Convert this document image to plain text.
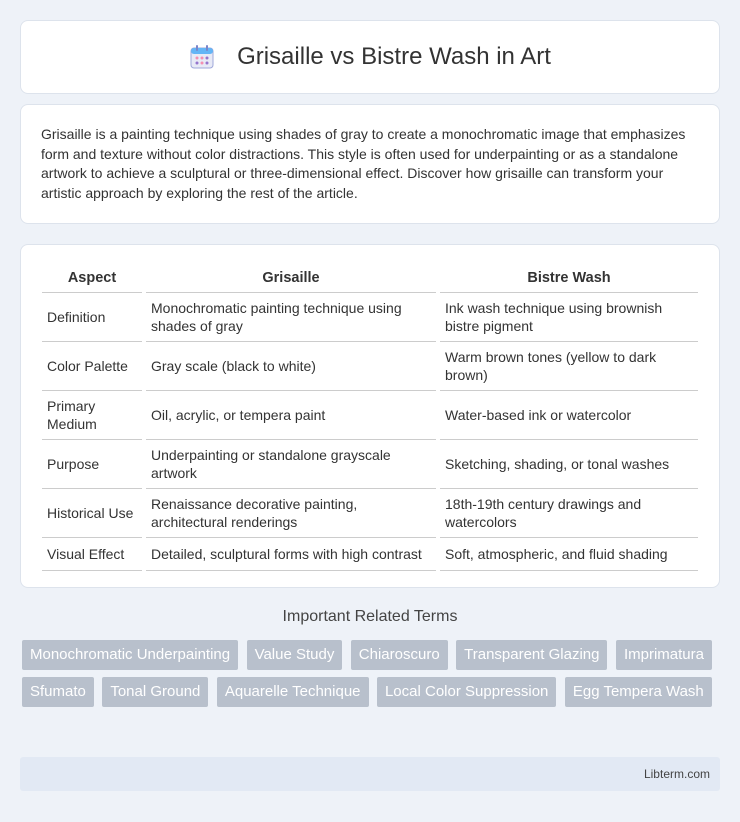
Grisaille vs Bistre Wash in Art

Grisaille is a painting technique using shades of gray to create a monochromatic image that emphasizes form and texture without color distractions. This style is often used for underpainting or as a standalone artwork to achieve a sculptural or three-dimensional effect. Discover how grisaille can transform your artistic approach by exploring the rest of the article.

Aspect	Grisaille	Bistre Wash
Definition	Monochromatic painting technique using shades of gray	Ink wash technique using brownish bistre pigment
Color Palette	Gray scale (black to white)	Warm brown tones (yellow to dark brown)
Primary Medium	Oil, acrylic, or tempera paint	Water-based ink or watercolor
Purpose	Underpainting or standalone grayscale artwork	Sketching, shading, or tonal washes
Historical Use	Renaissance decorative painting, architectural renderings	18th-19th century drawings and watercolors
Visual Effect	Detailed, sculptural forms with high contrast	Soft, atmospheric, and fluid shading
Important Related Terms
Monochromatic Underpainting Value Study Chiaroscuro Transparent Glazing Imprimatura Sfumato Tonal Ground Aquarelle Technique Local Color Suppression Egg Tempera Wash
Libterm.com
